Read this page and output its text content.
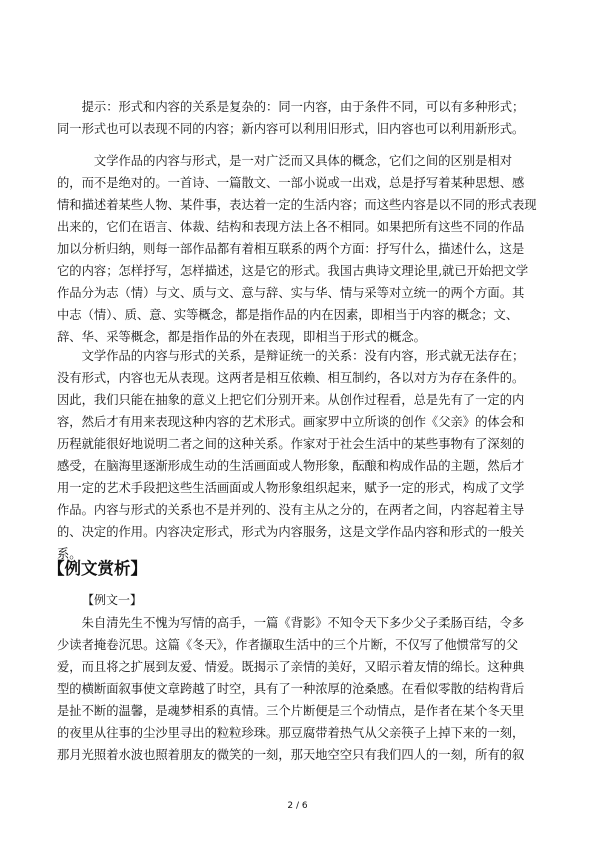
　　提示：形式和内容的关系是复杂的：同一内容，由于条件不同，可以有多种形式；
同一形式也可以表现不同的内容；新内容可以利用旧形式，旧内容也可以利用新形式。
　　　文学作品的内容与形式，是一对广泛而又具体的概念，它们之间的区别是相对
的，而不是绝对的。一首诗、一篇散文、一部小说或一出戏，总是抒写着某种思想、感
情和描述着某些人物、某件事，表达着一定的生活内容；而这些内容是以不同的形式表现
出来的，它们在语言、体裁、结构和表现方法上各不相同。如果把所有这些不同的作品
加以分析归纳，则每一部作品都有着相互联系的两个方面：抒写什么，描述什么，这是
它的内容；怎样抒写，怎样描述，这是它的形式。我国古典诗文理论里,就已开始把文学
作品分为志（情）与文、质与文、意与辞、实与华、情与采等对立统一的两个方面。其
中志（情）、质、意、实等概念，都是指作品的内在因素，即相当于内容的概念；文、
辞、华、采等概念，都是指作品的外在表现，即相当于形式的概念。
　　文学作品的内容与形式的关系，是辩证统一的关系：没有内容，形式就无法存在；
没有形式，内容也无从表现。这两者是相互依赖、相互制约，各以对方为存在条件的。
因此，我们只能在抽象的意义上把它们分别开来。从创作过程看，总是先有了一定的内
容，然后才有用来表现这种内容的艺术形式。画家罗中立所谈的创作《父亲》的体会和
历程就能很好地说明二者之间的这种关系。作家对于社会生活中的某些事物有了深刻的
感受，在脑海里逐渐形成生动的生活画面或人物形象，酝酿和构成作品的主题，然后才
用一定的艺术手段把这些生活画面或人物形象组织起来，赋予一定的形式，构成了文学
作品。内容与形式的关系也不是并列的、没有主从之分的，在两者之间，内容起着主导
的、决定的作用。内容决定形式，形式为内容服务，这是文学作品内容和形式的一般关
系。
【例文赏析】
【例文一】
　　朱自清先生不愧为写情的高手，一篇《背影》不知令天下多少父子柔肠百结，令多
少读者掩卷沉思。这篇《冬天》，作者撷取生活中的三个片断，不仅写了他惯常写的父
爱，而且将之扩展到友爱、情爱。既揭示了亲情的美好，又昭示着友情的绵长。这种典
型的横断面叙事使文章跨越了时空，具有了一种浓厚的沧桑感。在看似零散的结构背后
是扯不断的温馨，是魂梦相系的真情。三个片断便是三个动情点，是作者在某个冬天里
的夜里从往事的尘沙里寻出的粒粒珍珠。那豆腐带着热气从父亲筷子上掉下来的一刻，
那月光照着水波也照着朋友的微笑的一刻，那天地空空只有我们四人的一刻，所有的叙
2 / 6
